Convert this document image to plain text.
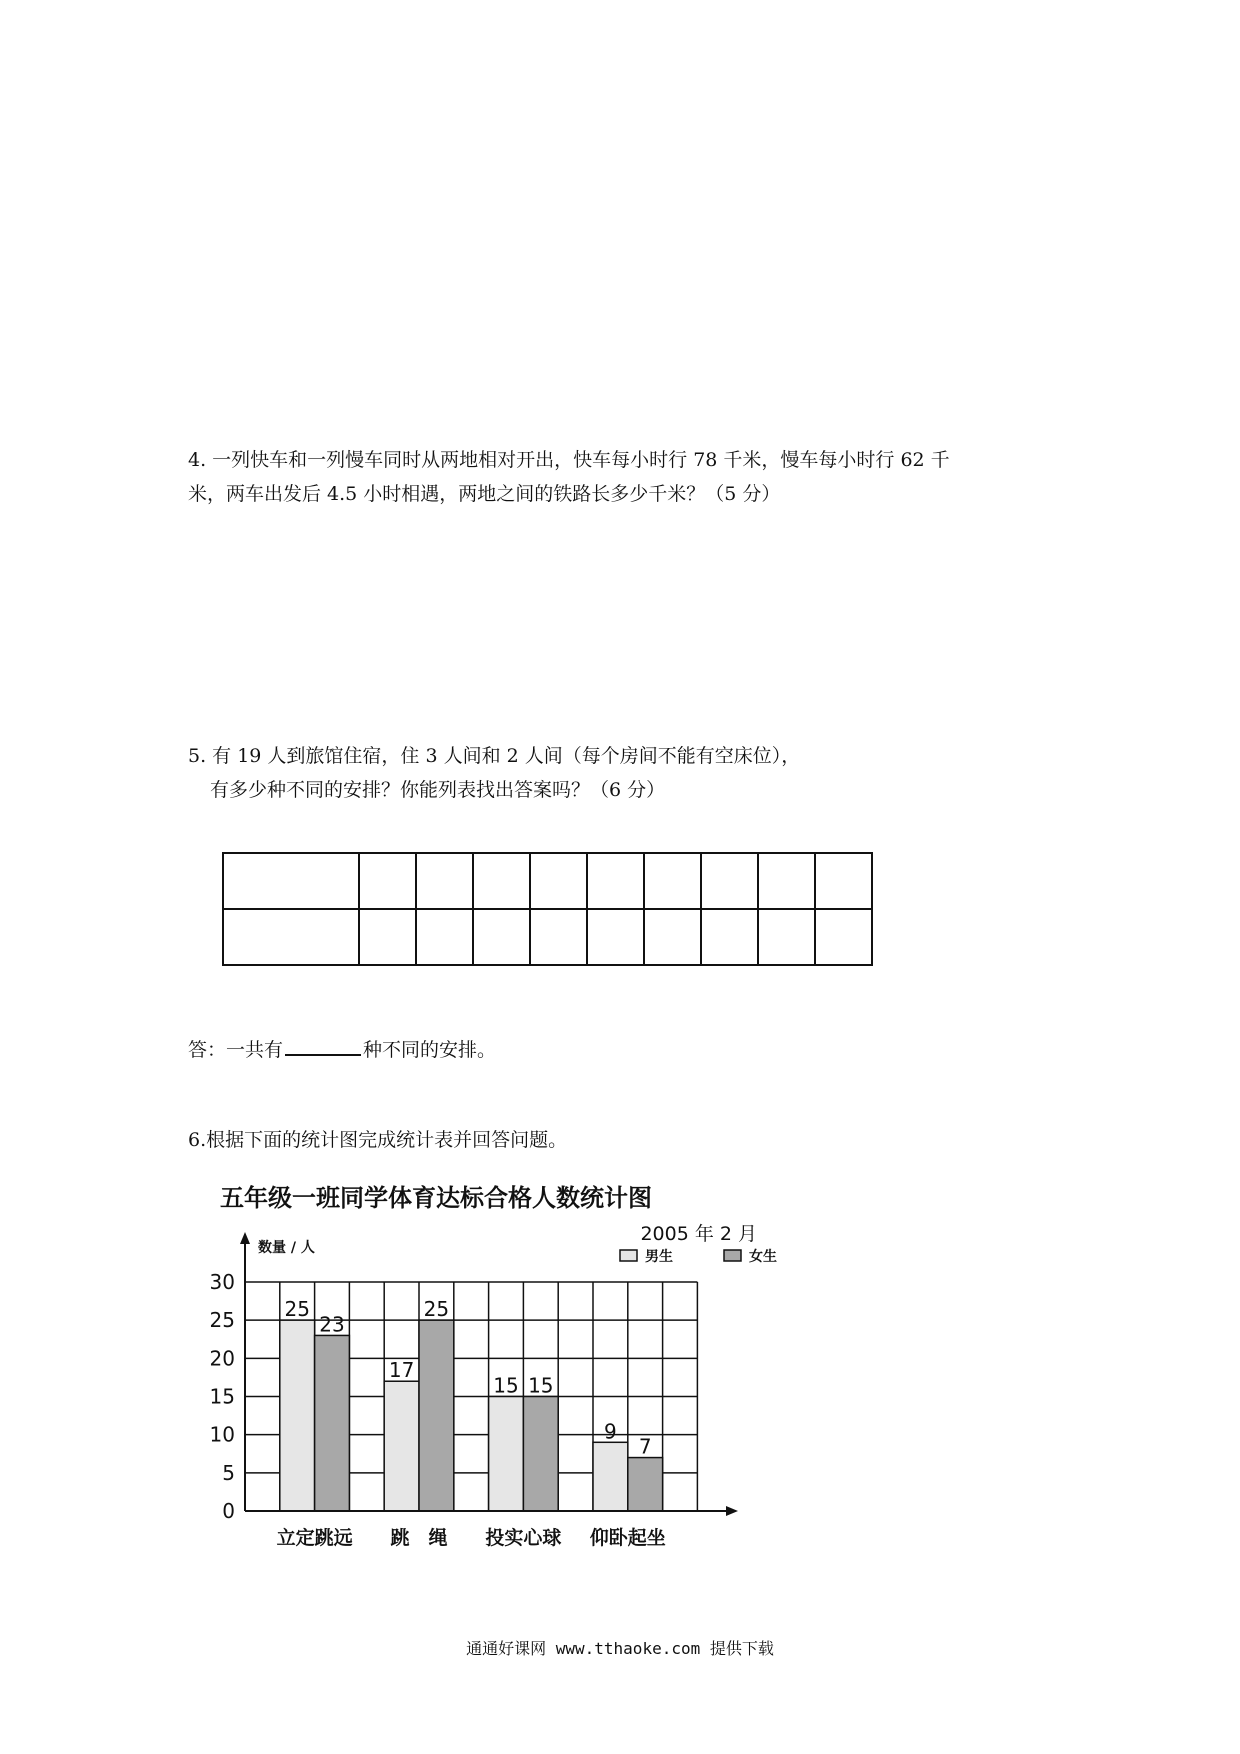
4. 一列快车和一列慢车同时从两地相对开出，快车每小时行 78 千米，慢车每小时行 62 千
米，两车出发后 4.5 小时相遇，两地之间的铁路长多少千米？（5 分）
5. 有 19 人到旅馆住宿，住 3 人间和 2 人间（每个房间不能有空床位），
有多少种不同的安排？你能列表找出答案吗？（6 分）

答：一共有	种不同的安排。
6.根据下面的统计图完成统计表并回答问题。
五年级一班同学体育达标合格人数统计图
2005 年 2 月
数量 / 人
男生	女生
0
5
10
15
20
25
30
25
23
立定跳远
17
25
跳　绳
15 15
投实心球
9
7
仰卧起坐
通通好课网 www.tthaoke.com 提供下载
